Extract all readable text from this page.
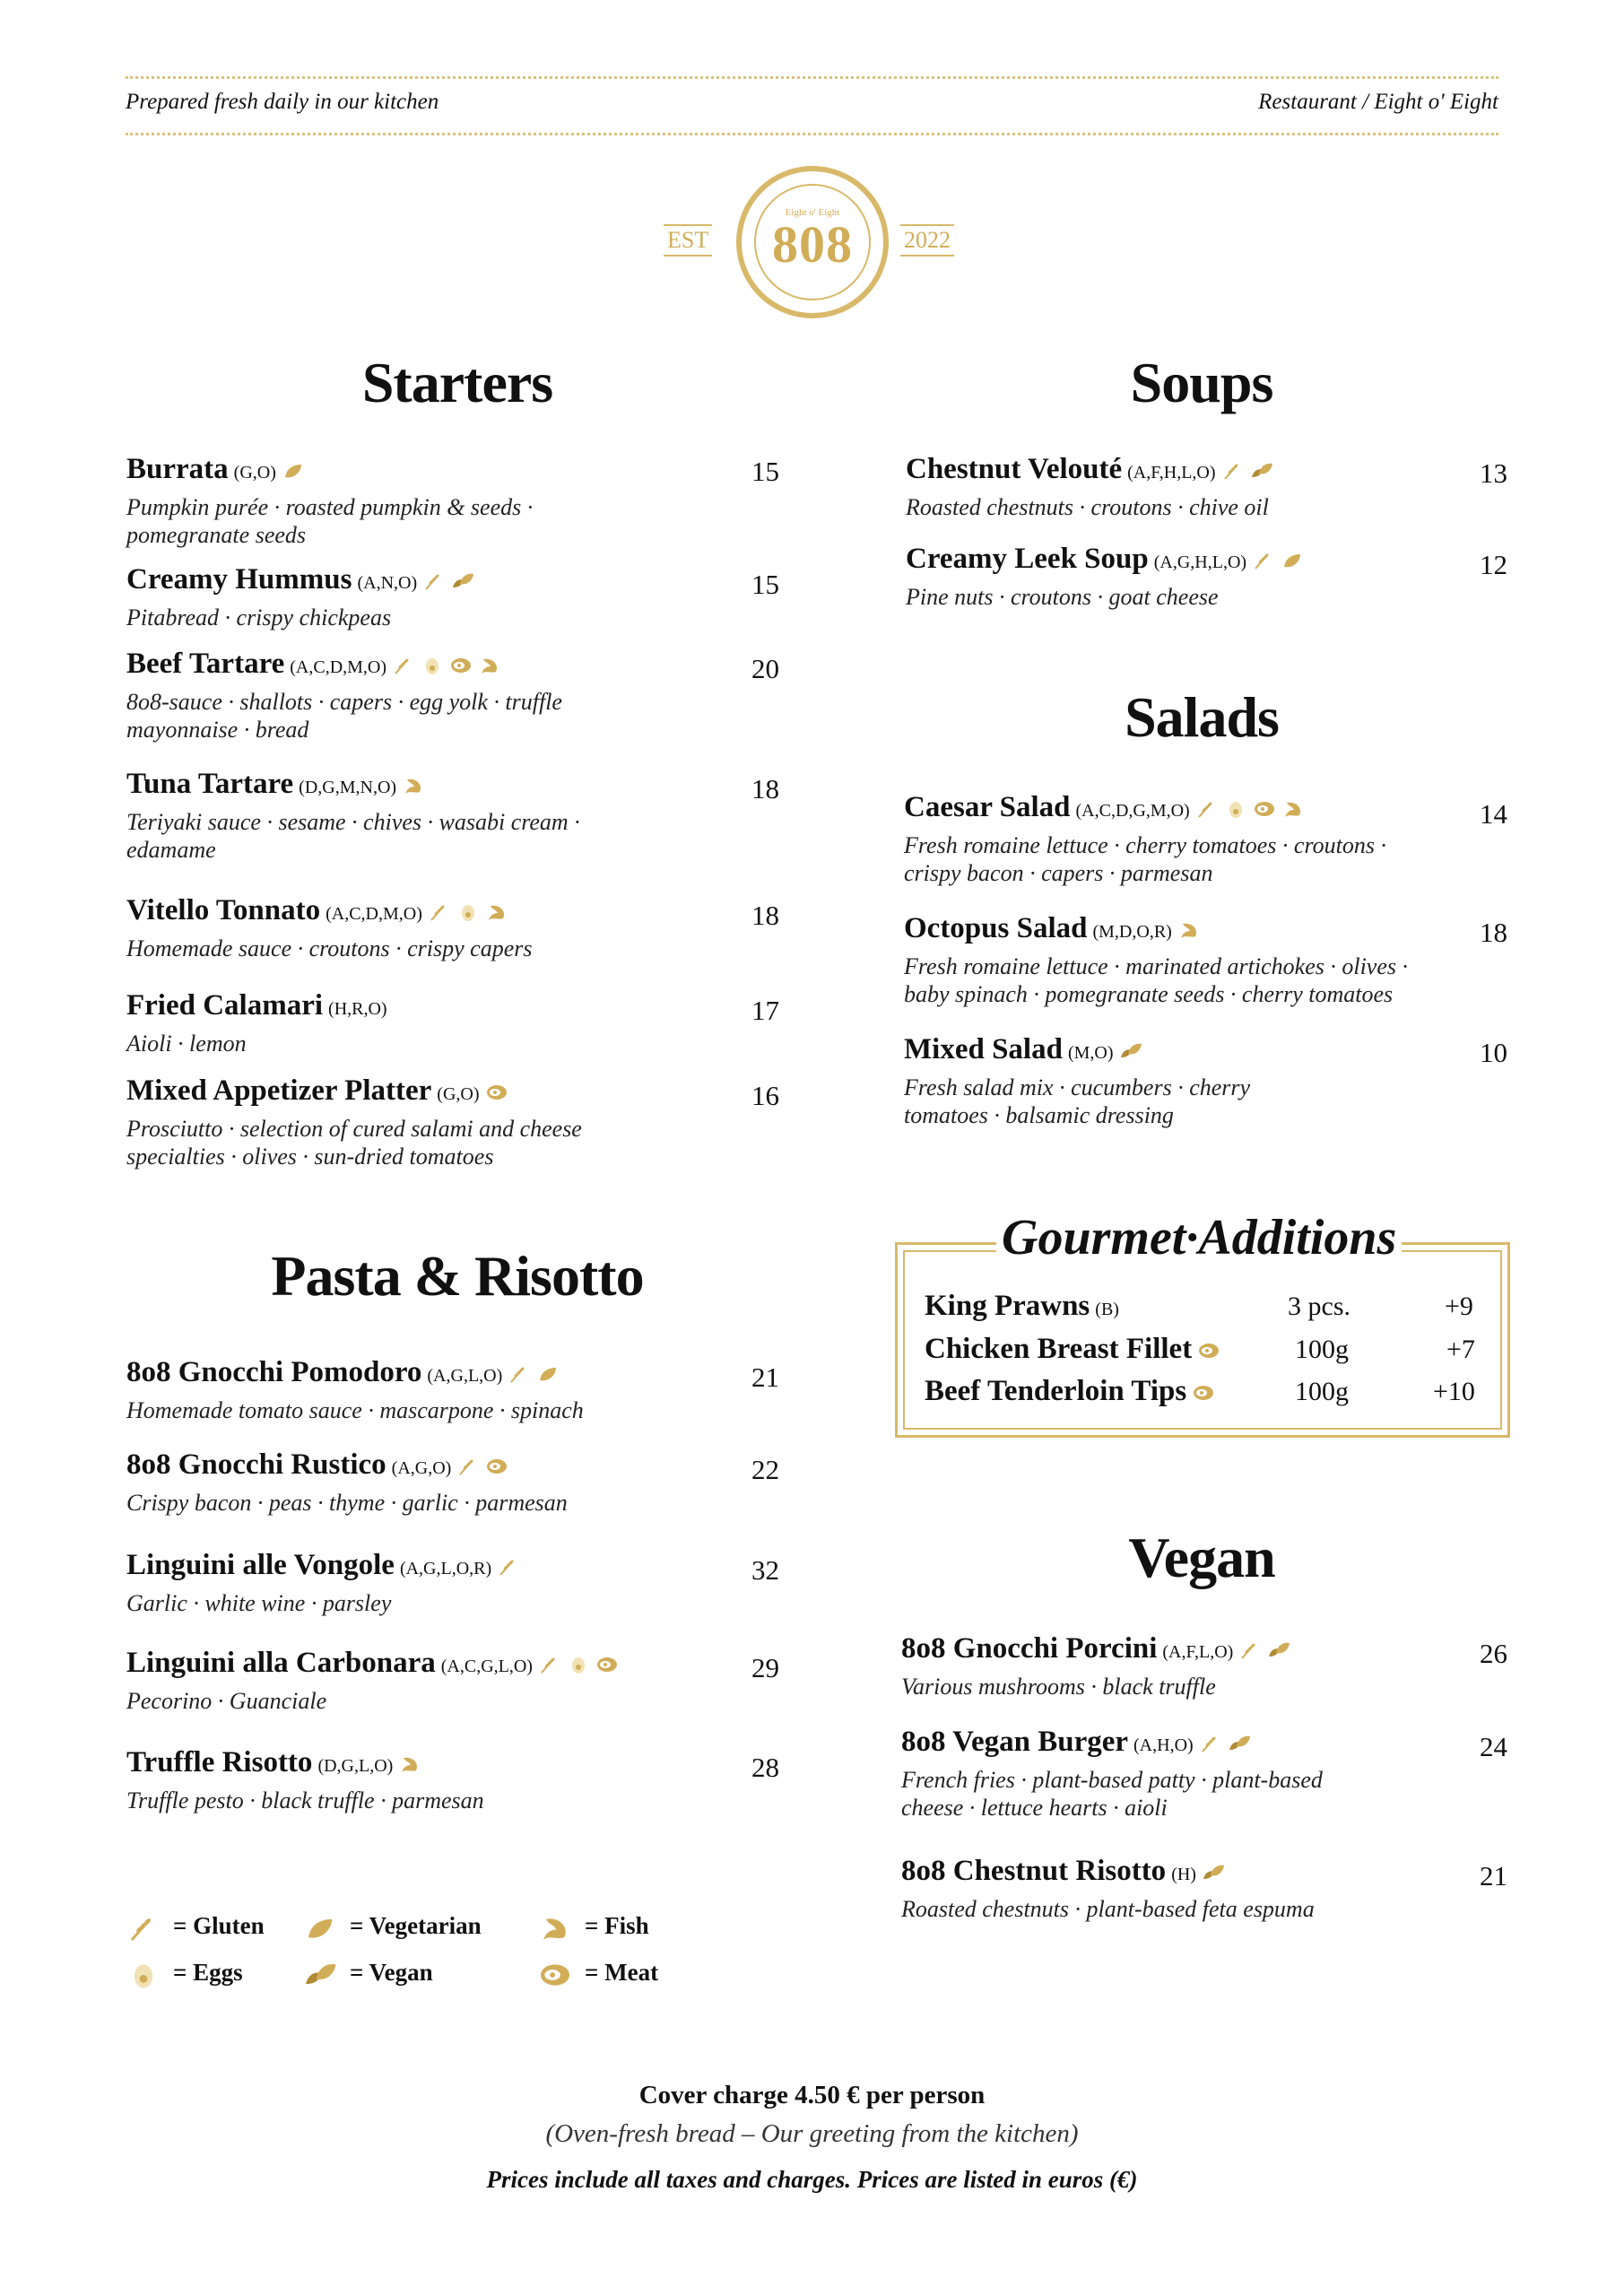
Prepared fresh daily in our kitchen	Restaurant / Eight o' Eight
EST
Eight o' Eight
808	2022
Starters
Burrata (G,O)
Pumpkin purée · roasted pumpkin & seeds · pomegranate seeds
15
Creamy Hummus (A,N,O)
Pitabread · crispy chickpeas
15
Beef Tartare (A,C,D,M,O)
8o8-sauce · shallots · capers · egg yolk · truffle mayonnaise · bread
20
Tuna Tartare (D,G,M,N,O)
Teriyaki sauce · sesame · chives · wasabi cream · edamame
18
Vitello Tonnato (A,C,D,M,O)
Homemade sauce · croutons · crispy capers
18
Fried Calamari (H,R,O)
Aioli · lemon
17
Mixed Appetizer Platter (G,O)
Prosciutto · selection of cured salami and cheese specialties · olives · sun-dried tomatoes
16
Pasta & Risotto
8o8 Gnocchi Pomodoro (A,G,L,O)
Homemade tomato sauce · mascarpone · spinach
21
8o8 Gnocchi Rustico (A,G,O)
Crispy bacon · peas · thyme · garlic · parmesan
22
Linguini alle Vongole (A,G,L,O,R)
Garlic · white wine · parsley
32
Linguini alla Carbonara (A,C,G,L,O)
Pecorino · Guanciale
29
Truffle Risotto (D,G,L,O)
Truffle pesto · black truffle · parmesan
28
= Gluten	= Vegetarian	= Fish
= Eggs	= Vegan	= Meat
Soups
Chestnut Velouté (A,F,H,L,O)
Roasted chestnuts · croutons · chive oil
13
Creamy Leek Soup (A,G,H,L,O)
Pine nuts · croutons · goat cheese
12
Salads
Caesar Salad (A,C,D,G,M,O)
Fresh romaine lettuce · cherry tomatoes · croutons · crispy bacon · capers · parmesan
14
Octopus Salad (M,D,O,R)
Fresh romaine lettuce · marinated artichokes · olives · baby spinach · pomegranate seeds · cherry tomatoes
18
Mixed Salad (M,O)
Fresh salad mix · cucumbers · cherry tomatoes · balsamic dressing
10
Gourmet·Additions
King Prawns (B)	3 pcs.	+9
Chicken Breast Fillet	100g	+7
Beef Tenderloin Tips	100g	+10
Vegan
8o8 Gnocchi Porcini (A,F,L,O)
Various mushrooms · black truffle
26
8o8 Vegan Burger (A,H,O)
French fries · plant-based patty · plant-based cheese · lettuce hearts · aioli
24
8o8 Chestnut Risotto (H)
Roasted chestnuts · plant-based feta espuma
21
Cover charge 4.50 € per person
(Oven-fresh bread – Our greeting from the kitchen)
Prices include all taxes and charges. Prices are listed in euros (€)
